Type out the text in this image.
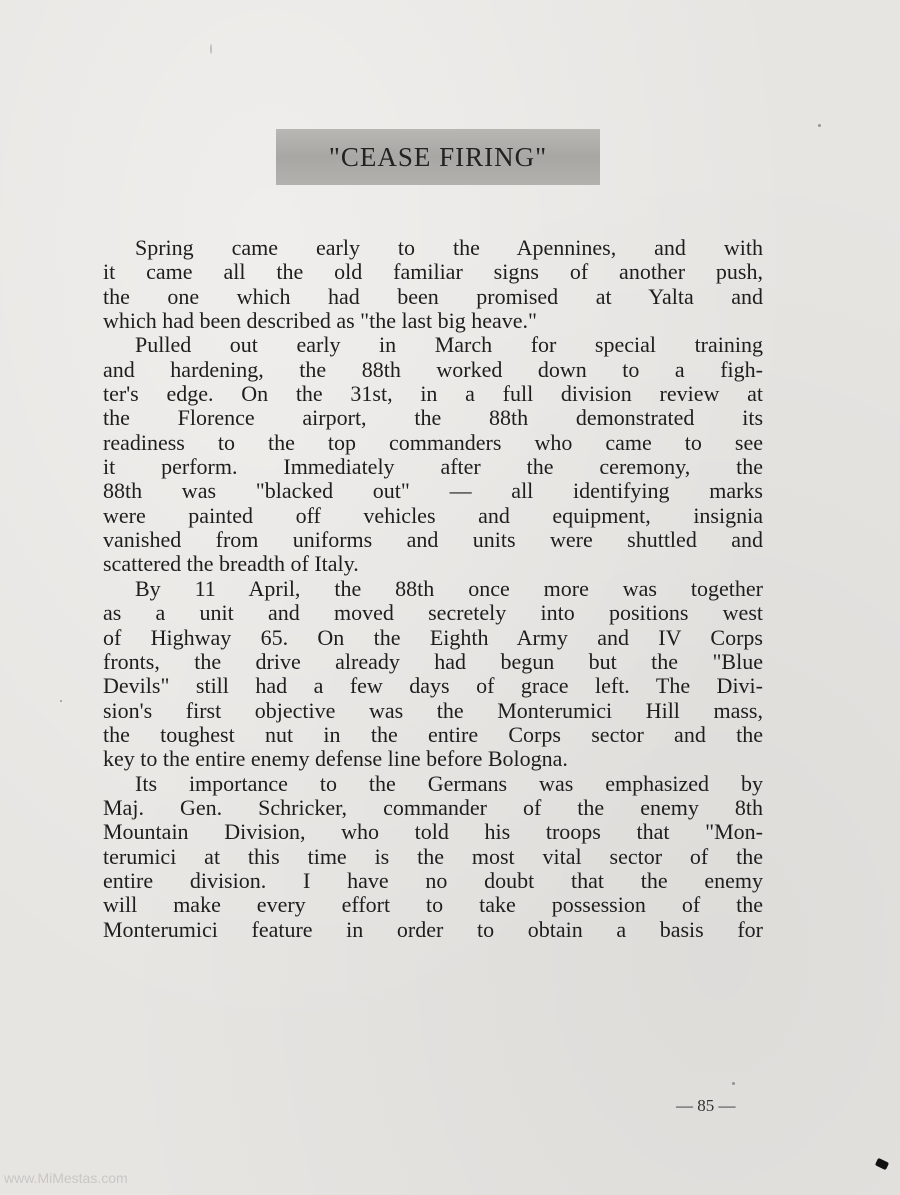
"CEASE FIRING"
Spring came early to the Apennines, and with
it came all the old familiar signs of another push,
the one which had been promised at Yalta and
which had been described as "the last big heave."
Pulled out early in March for special training
and hardening, the 88th worked down to a figh-
ter's edge. On the 31st, in a full division review at
the Florence airport, the 88th demonstrated its
readiness to the top commanders who came to see
it perform. Immediately after the ceremony, the
88th was "blacked out" — all identifying marks
were painted off vehicles and equipment, insignia
vanished from uniforms and units were shuttled and
scattered the breadth of Italy.
By 11 April, the 88th once more was together
as a unit and moved secretely into positions west
of Highway 65. On the Eighth Army and IV Corps
fronts, the drive already had begun but the "Blue
Devils" still had a few days of grace left. The Divi-
sion's first objective was the Monterumici Hill mass,
the toughest nut in the entire Corps sector and the
key to the entire enemy defense line before Bologna.
Its importance to the Germans was emphasized by
Maj. Gen. Schricker, commander of the enemy 8th
Mountain Division, who told his troops that "Mon-
terumici at this time is the most vital sector of the
entire division. I have no doubt that the enemy
will make every effort to take possession of the
Monterumici feature in order to obtain a basis for
— 85 —
www.MiMestas.com
